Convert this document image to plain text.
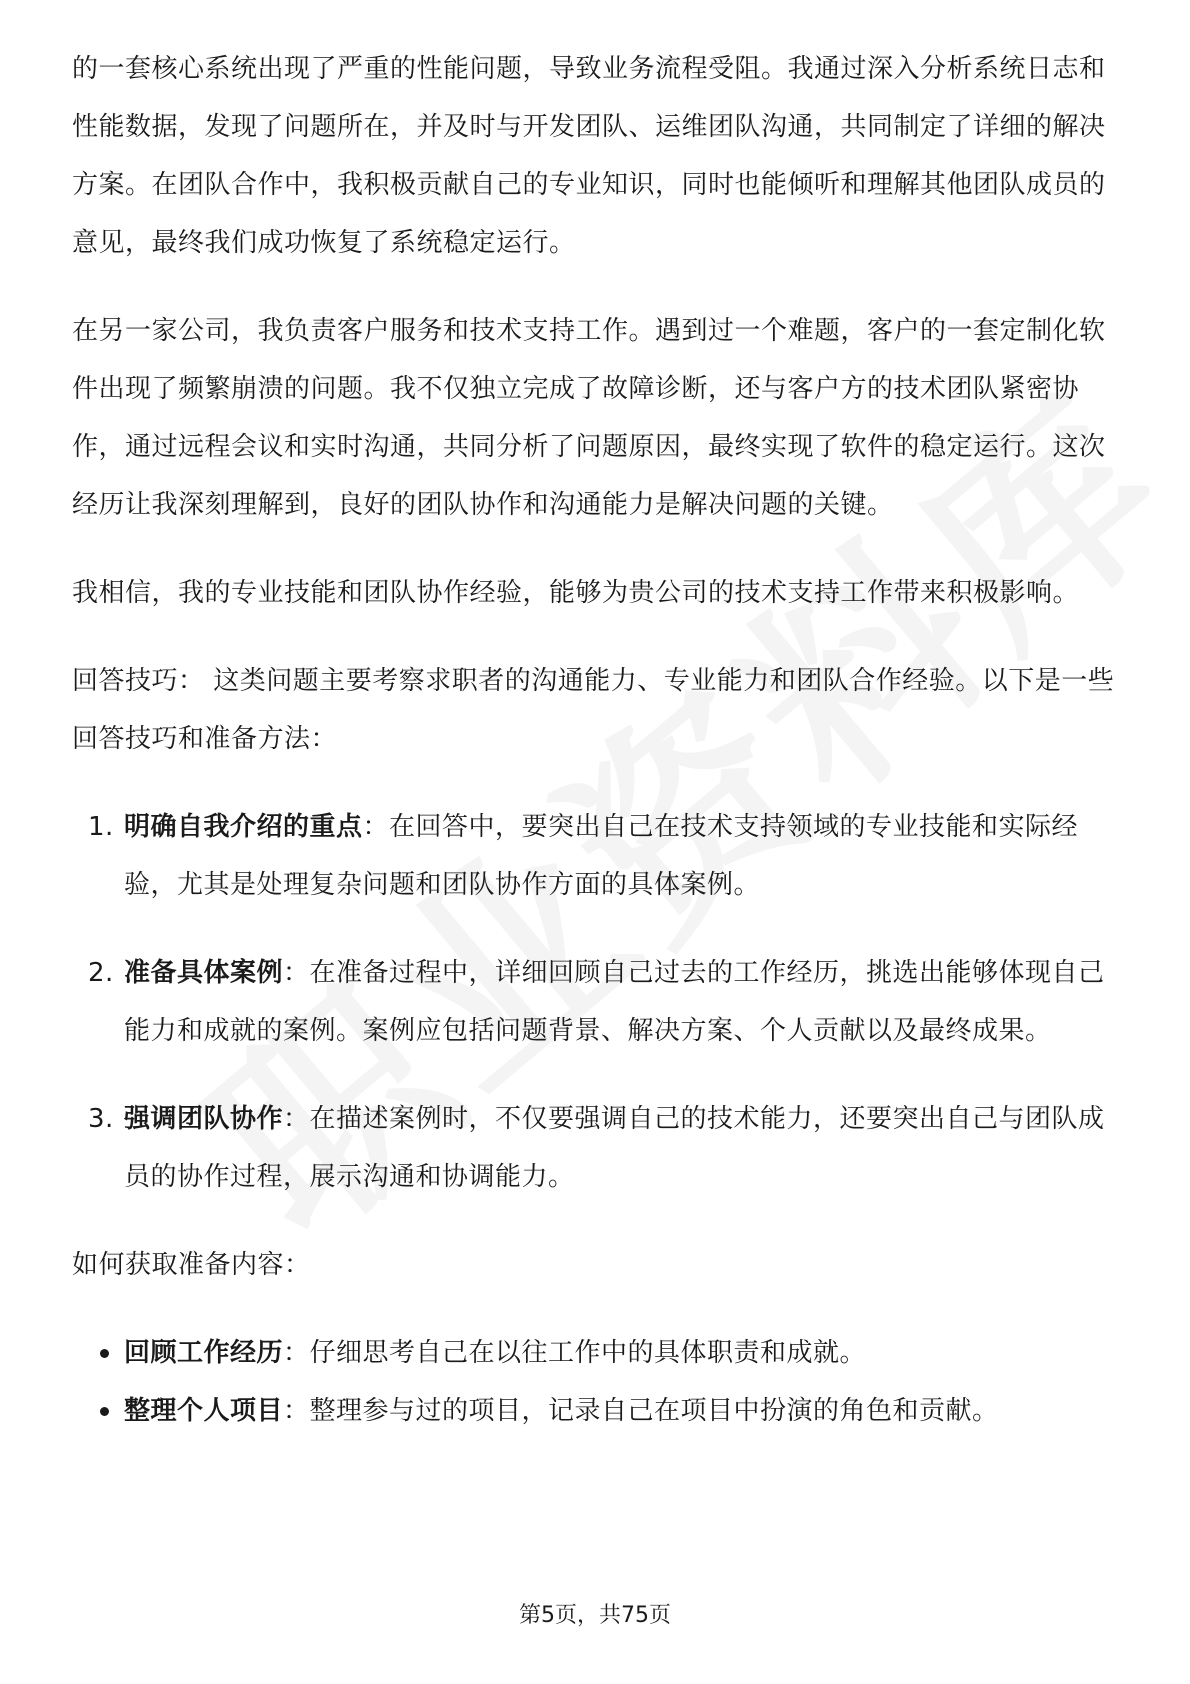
的一套核心系统出现了严重的性能问题，导致业务流程受阻。我通过深入分析系统日志和性能数据，发现了问题所在，并及时与开发团队、运维团队沟通，共同制定了详细的解决方案。在团队合作中，我积极贡献自己的专业知识，同时也能倾听和理解其他团队成员的意见，最终我们成功恢复了系统稳定运行。

在另一家公司，我负责客户服务和技术支持工作。遇到过一个难题，客户的一套定制化软件出现了频繁崩溃的问题。我不仅独立完成了故障诊断，还与客户方的技术团队紧密协作，通过远程会议和实时沟通，共同分析了问题原因，最终实现了软件的稳定运行。这次经历让我深刻理解到，良好的团队协作和沟通能力是解决问题的关键。

我相信，我的专业技能和团队协作经验，能够为贵公司的技术支持工作带来积极影响。

回答技巧： 这类问题主要考察求职者的沟通能力、专业能力和团队合作经验。以下是一些回答技巧和准备方法：

1. 明确自我介绍的重点：在回答中，要突出自己在技术支持领域的专业技能和实际经验，尤其是处理复杂问题和团队协作方面的具体案例。
2. 准备具体案例：在准备过程中，详细回顾自己过去的工作经历，挑选出能够体现自己能力和成就的案例。案例应包括问题背景、解决方案、个人贡献以及最终成果。
3. 强调团队协作：在描述案例时，不仅要强调自己的技术能力，还要突出自己与团队成员的协作过程，展示沟通和协调能力。

如何获取准备内容：

回顾工作经历：仔细思考自己在以往工作中的具体职责和成就。
整理个人项目：整理参与过的项目，记录自己在项目中扮演的角色和贡献。
第5页，共75页
